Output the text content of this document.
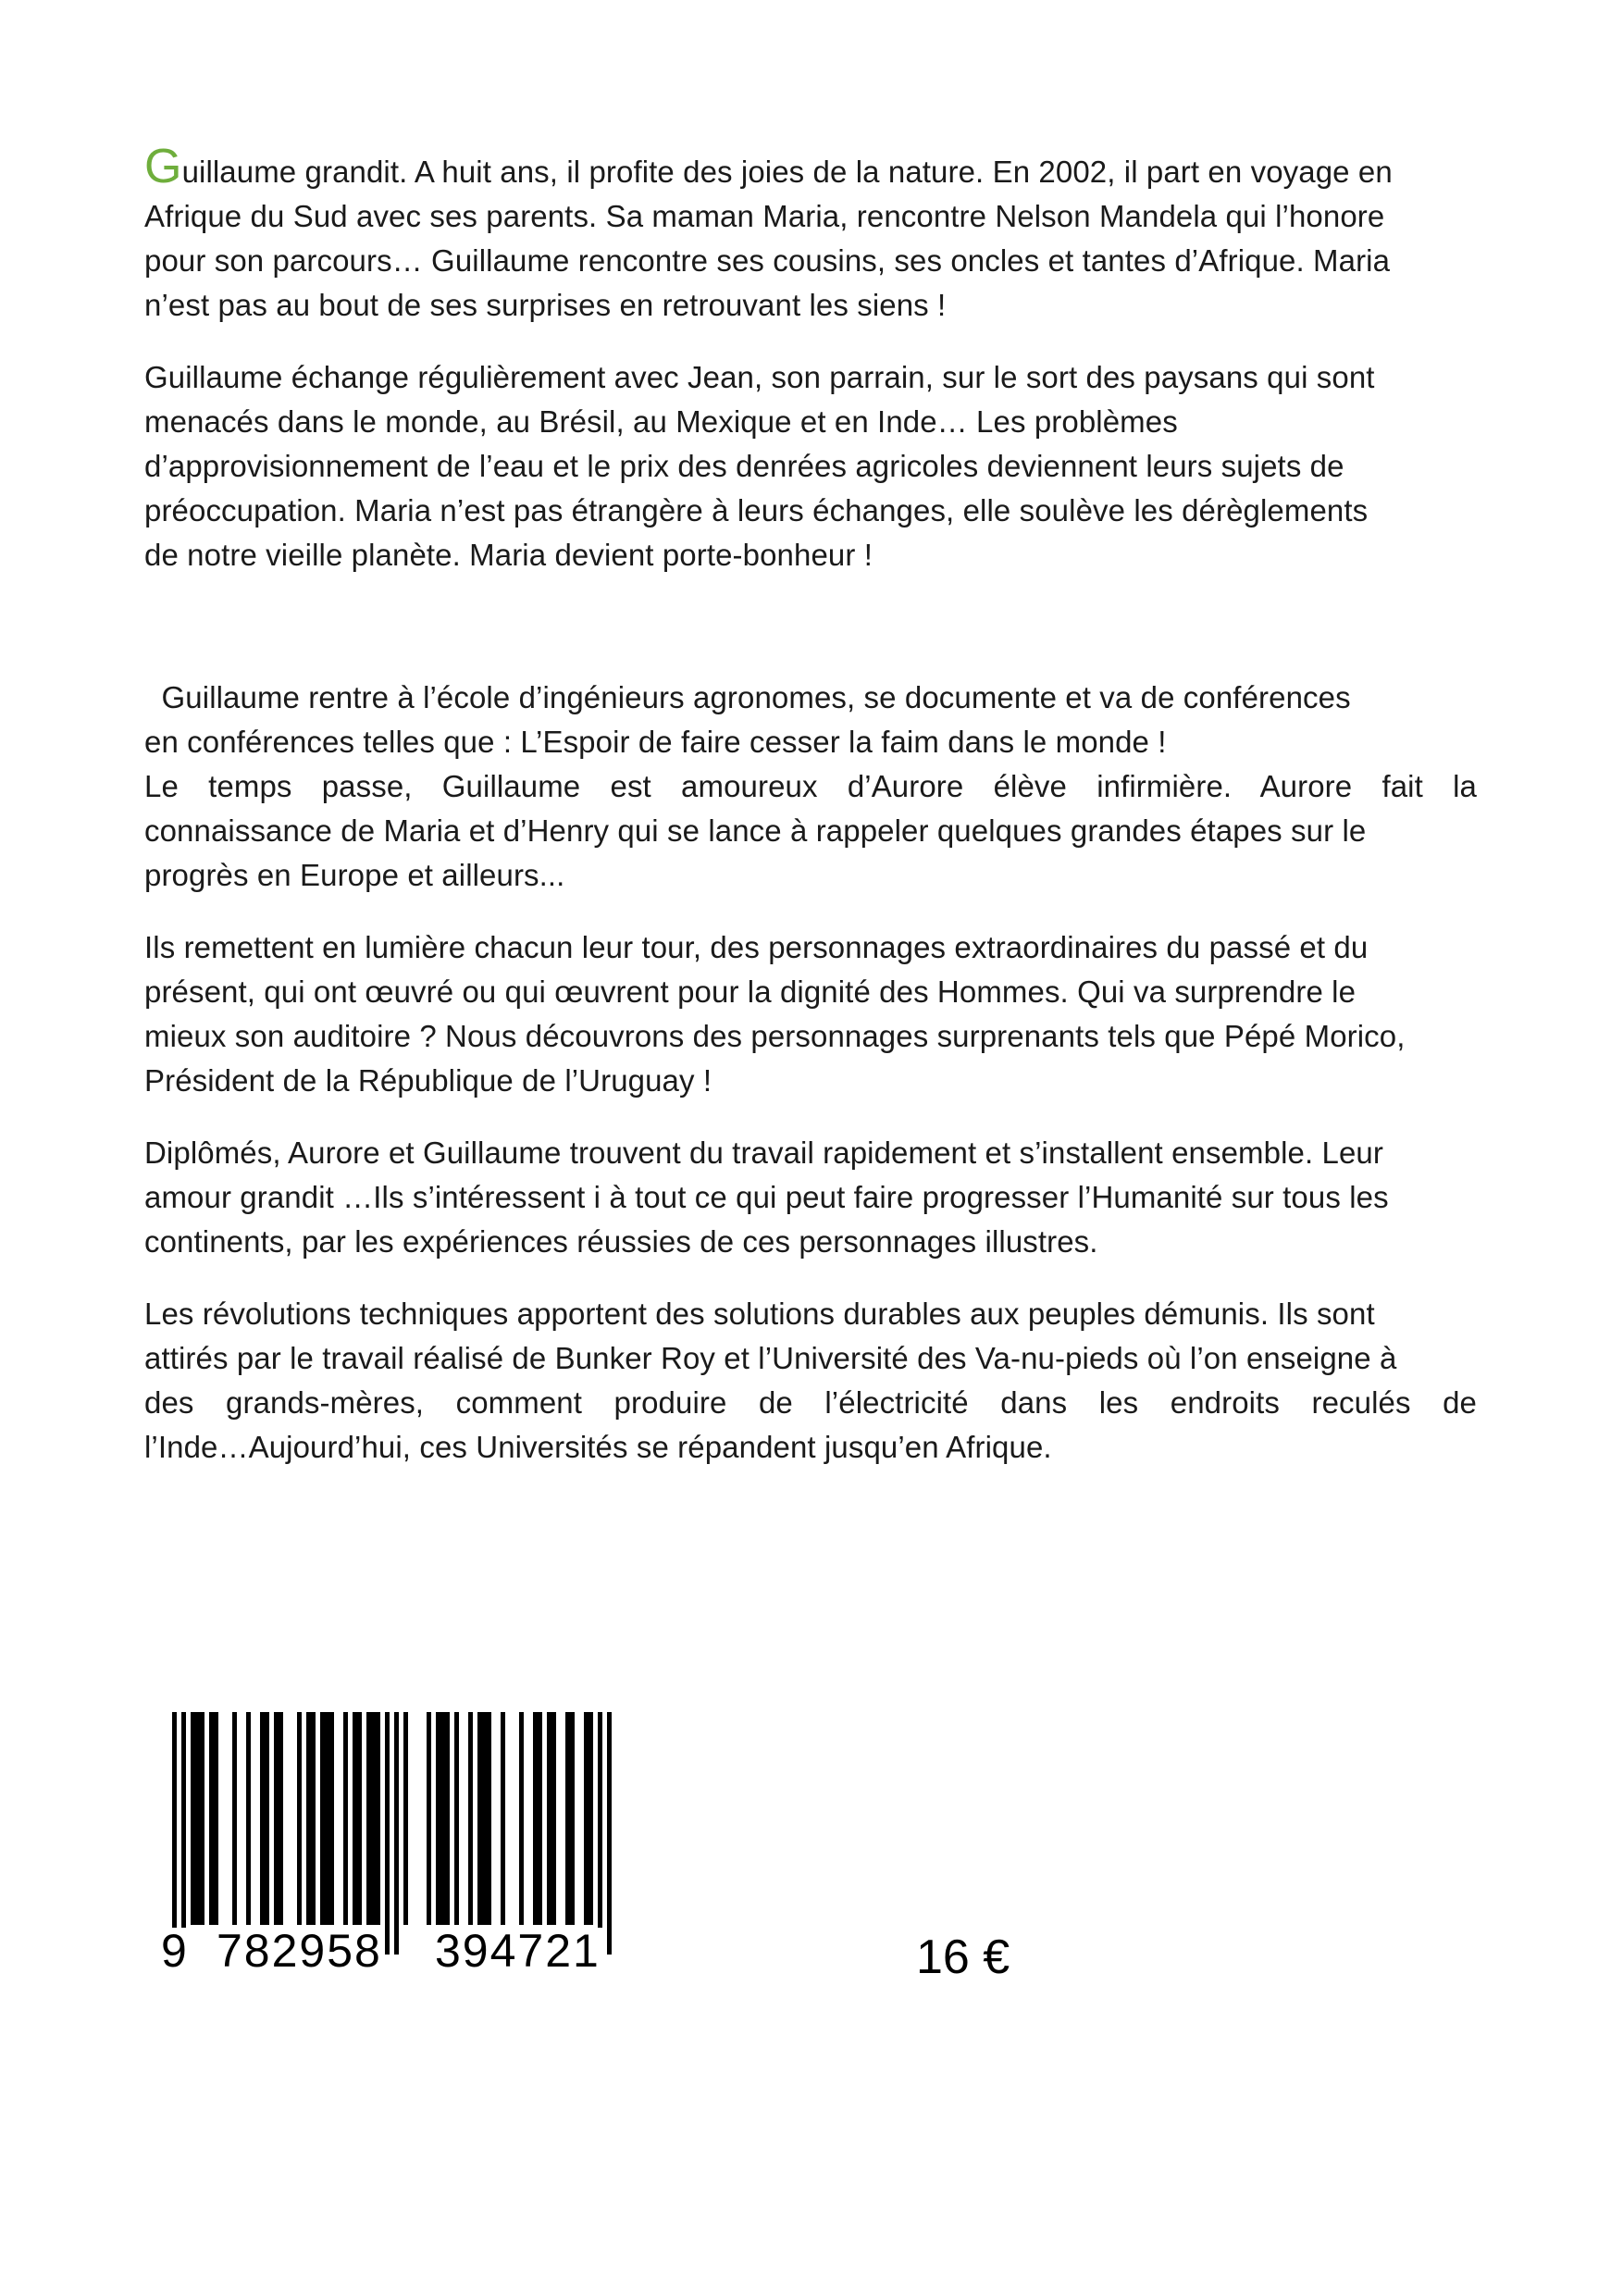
Guillaume grandit. A huit ans, il profite des joies de la nature. En 2002, il part en voyage en
Afrique du Sud avec ses parents. Sa maman Maria, rencontre Nelson Mandela qui l’honore
pour son parcours… Guillaume rencontre ses cousins, ses oncles et tantes d’Afrique. Maria
n’est pas au bout de ses surprises en retrouvant les siens !

Guillaume échange régulièrement avec Jean, son parrain, sur le sort des paysans qui sont
menacés dans le monde, au Brésil, au Mexique et en Inde… Les problèmes
d’approvisionnement de l’eau et le prix des denrées agricoles deviennent leurs sujets de
préoccupation. Maria n’est pas étrangère à leurs échanges, elle soulève les dérèglements
de notre vieille planète. Maria devient porte-bonheur !

Guillaume rentre à l’école d’ingénieurs agronomes, se documente et va de conférences
en conférences telles que : L’Espoir de faire cesser la faim dans le monde !

Le temps passe, Guillaume est amoureux d’Aurore élève infirmière. Aurore fait la
connaissance de Maria et d’Henry qui se lance à rappeler quelques grandes étapes sur le
progrès en Europe et ailleurs...

Ils remettent en lumière chacun leur tour, des personnages extraordinaires du passé et du
présent, qui ont œuvré ou qui œuvrent pour la dignité des Hommes. Qui va surprendre le
mieux son auditoire ? Nous découvrons des personnages surprenants tels que Pépé Morico,
Président de la République de l’Uruguay !

Diplômés, Aurore et Guillaume trouvent du travail rapidement et s’installent ensemble. Leur
amour grandit …Ils s’intéressent i à tout ce qui peut faire progresser l’Humanité sur tous les
continents, par les expériences réussies de ces personnages illustres.

Les révolutions techniques apportent des solutions durables aux peuples démunis. Ils sont
attirés par le travail réalisé de Bunker Roy et l’Université des Va-nu-pieds où l’on enseigne à
des grands-mères, comment produire de l’électricité dans les endroits reculés de
l’Inde…Aujourd’hui, ces Universités se répandent jusqu’en Afrique.

9 782958 394721	16 €
